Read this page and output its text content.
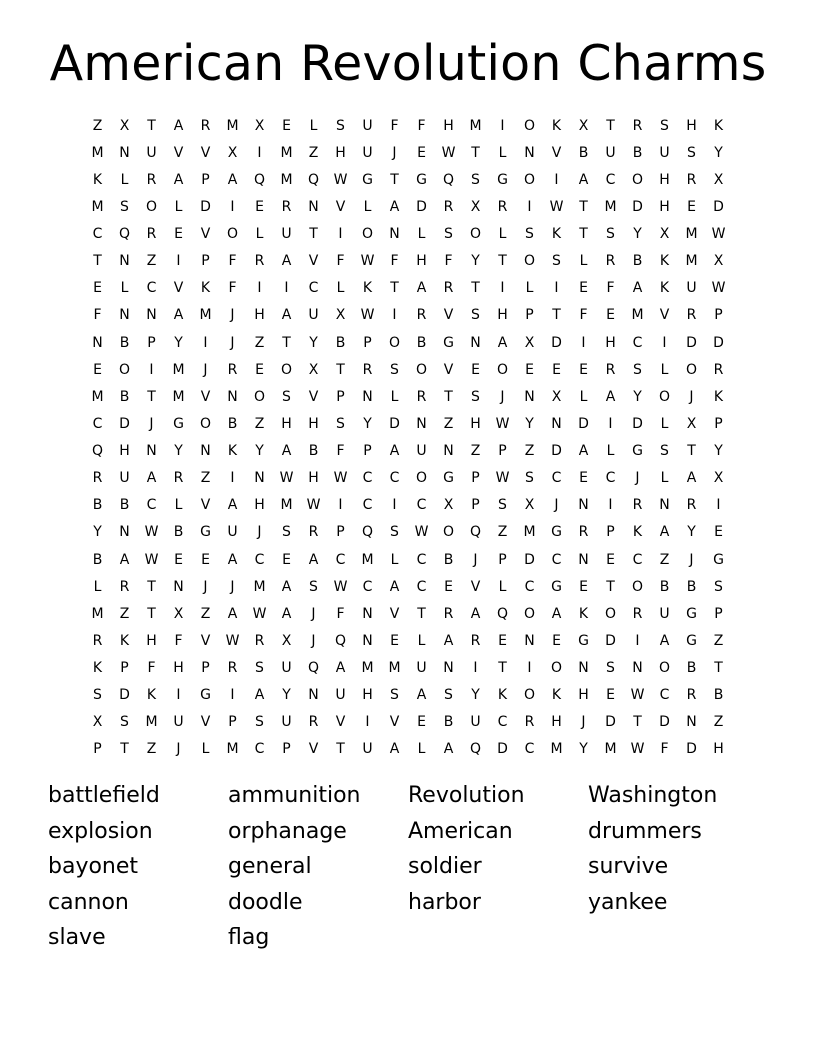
American Revolution Charms
Z	X	T	A	R	M	X	E	L	S	U	F	F	H	M	I	O	K	X	T	R	S	H	K
M	N	U	V	V	X	I	M	Z	H	U	J	E	W	T	L	N	V	B	U	B	U	S	Y
K	L	R	A	P	A	Q	M	Q	W	G	T	G	Q	S	G	O	I	A	C	O	H	R	X
M	S	O	L	D	I	E	R	N	V	L	A	D	R	X	R	I	W	T	M	D	H	E	D
C	Q	R	E	V	O	L	U	T	I	O	N	L	S	O	L	S	K	T	S	Y	X	M	W
T	N	Z	I	P	F	R	A	V	F	W	F	H	F	Y	T	O	S	L	R	B	K	M	X
E	L	C	V	K	F	I	I	C	L	K	T	A	R	T	I	L	I	E	F	A	K	U	W
F	N	N	A	M	J	H	A	U	X	W	I	R	V	S	H	P	T	F	E	M	V	R	P
N	B	P	Y	I	J	Z	T	Y	B	P	O	B	G	N	A	X	D	I	H	C	I	D	D
E	O	I	M	J	R	E	O	X	T	R	S	O	V	E	O	E	E	E	R	S	L	O	R
M	B	T	M	V	N	O	S	V	P	N	L	R	T	S	J	N	X	L	A	Y	O	J	K
C	D	J	G	O	B	Z	H	H	S	Y	D	N	Z	H	W	Y	N	D	I	D	L	X	P
Q	H	N	Y	N	K	Y	A	B	F	P	A	U	N	Z	P	Z	D	A	L	G	S	T	Y
R	U	A	R	Z	I	N	W	H	W	C	C	O	G	P	W	S	C	E	C	J	L	A	X
B	B	C	L	V	A	H	M	W	I	C	I	C	X	P	S	X	J	N	I	R	N	R	I
Y	N	W	B	G	U	J	S	R	P	Q	S	W	O	Q	Z	M	G	R	P	K	A	Y	E
B	A	W	E	E	A	C	E	A	C	M	L	C	B	J	P	D	C	N	E	C	Z	J	G
L	R	T	N	J	J	M	A	S	W	C	A	C	E	V	L	C	G	E	T	O	B	B	S
M	Z	T	X	Z	A	W	A	J	F	N	V	T	R	A	Q	O	A	K	O	R	U	G	P
R	K	H	F	V	W	R	X	J	Q	N	E	L	A	R	E	N	E	G	D	I	A	G	Z
K	P	F	H	P	R	S	U	Q	A	M	M	U	N	I	T	I	O	N	S	N	O	B	T
S	D	K	I	G	I	A	Y	N	U	H	S	A	S	Y	K	O	K	H	E	W	C	R	B
X	S	M	U	V	P	S	U	R	V	I	V	E	B	U	C	R	H	J	D	T	D	N	Z
P	T	Z	J	L	M	C	P	V	T	U	A	L	A	Q	D	C	M	Y	M	W	F	D	H
battlefield
explosion
bayonet
cannon
slave
ammunition
orphanage
general
doodle
flag
Revolution
American
soldier
harbor
Washington
drummers
survive
yankee
